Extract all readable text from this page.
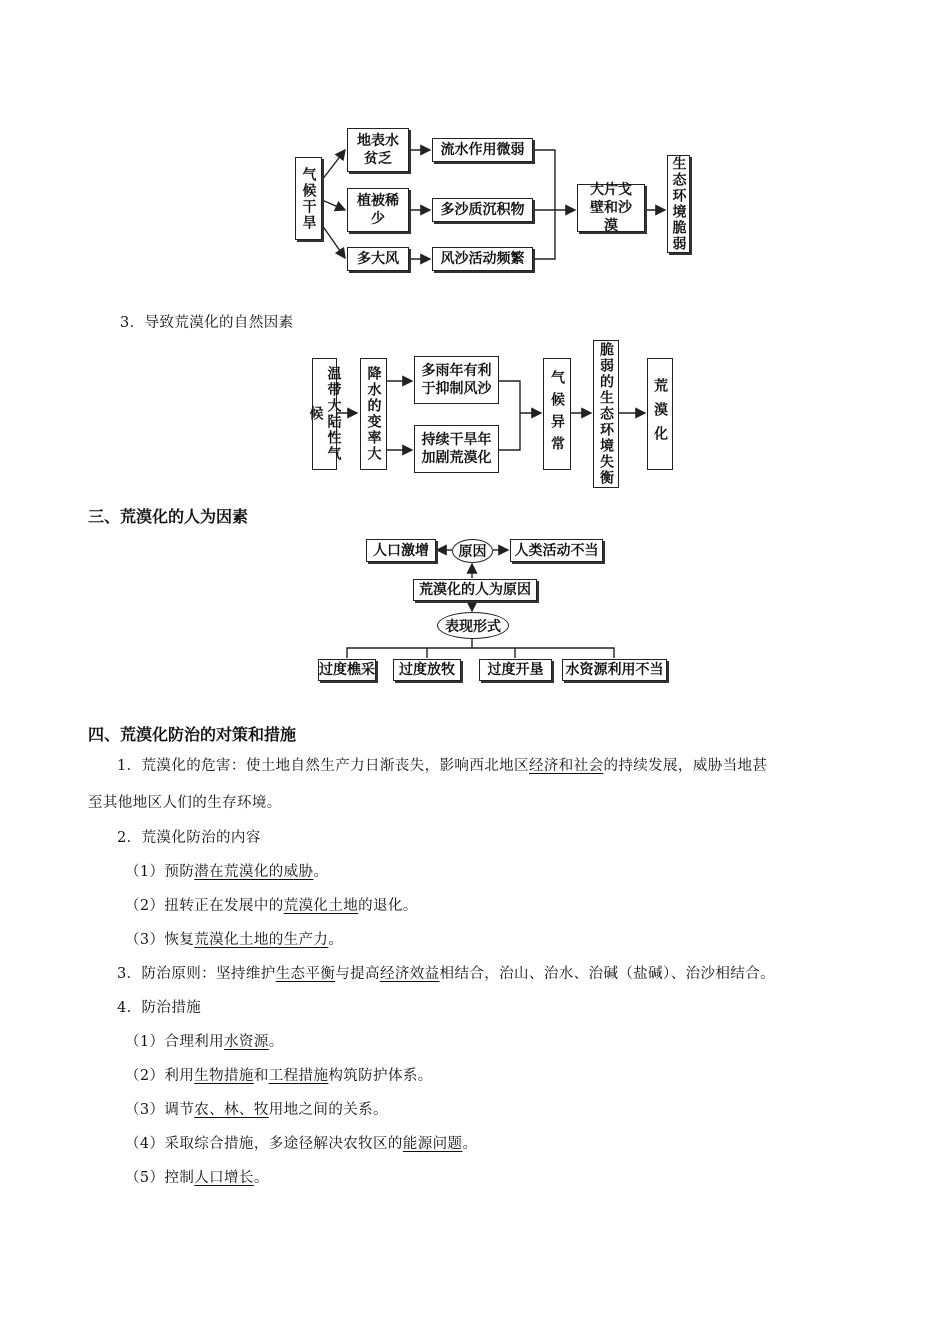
气候干旱
地表水贫乏
植被稀少
多大风
流水作用微弱
多沙质沉积物
风沙活动频繁
大片戈壁和沙漠	生态环境脆弱
3．导致荒漠化的自然因素
温带大陆性气候	降水的变率大	多雨年有利于抑制风沙
持续干旱年加剧荒漠化	气候异常 脆弱的生态环境失衡	荒漠化
三、荒漠化的人为因素
人口激增 原因 人类活动不当
荒漠化的人为原因
表现形式
过度樵采 过度放牧 过度开垦 水资源利用不当
四、荒漠化防治的对策和措施
1．荒漠化的危害：使土地自然生产力日渐丧失，影响西北地区经济和社会的持续发展，威胁当地甚
至其他地区人们的生存环境。
2．荒漠化防治的内容
（1）预防潜在荒漠化的威胁。
（2）扭转正在发展中的荒漠化土地的退化。
（3）恢复荒漠化土地的生产力。
3．防治原则：坚持维护生态平衡与提高经济效益相结合，治山、治水、治碱（盐碱）、治沙相结合。
4．防治措施
（1）合理利用水资源。
（2）利用生物措施和工程措施构筑防护体系。
（3）调节农、林、牧用地之间的关系。
（4）采取综合措施，多途径解决农牧区的能源问题。
（5）控制人口增长。
